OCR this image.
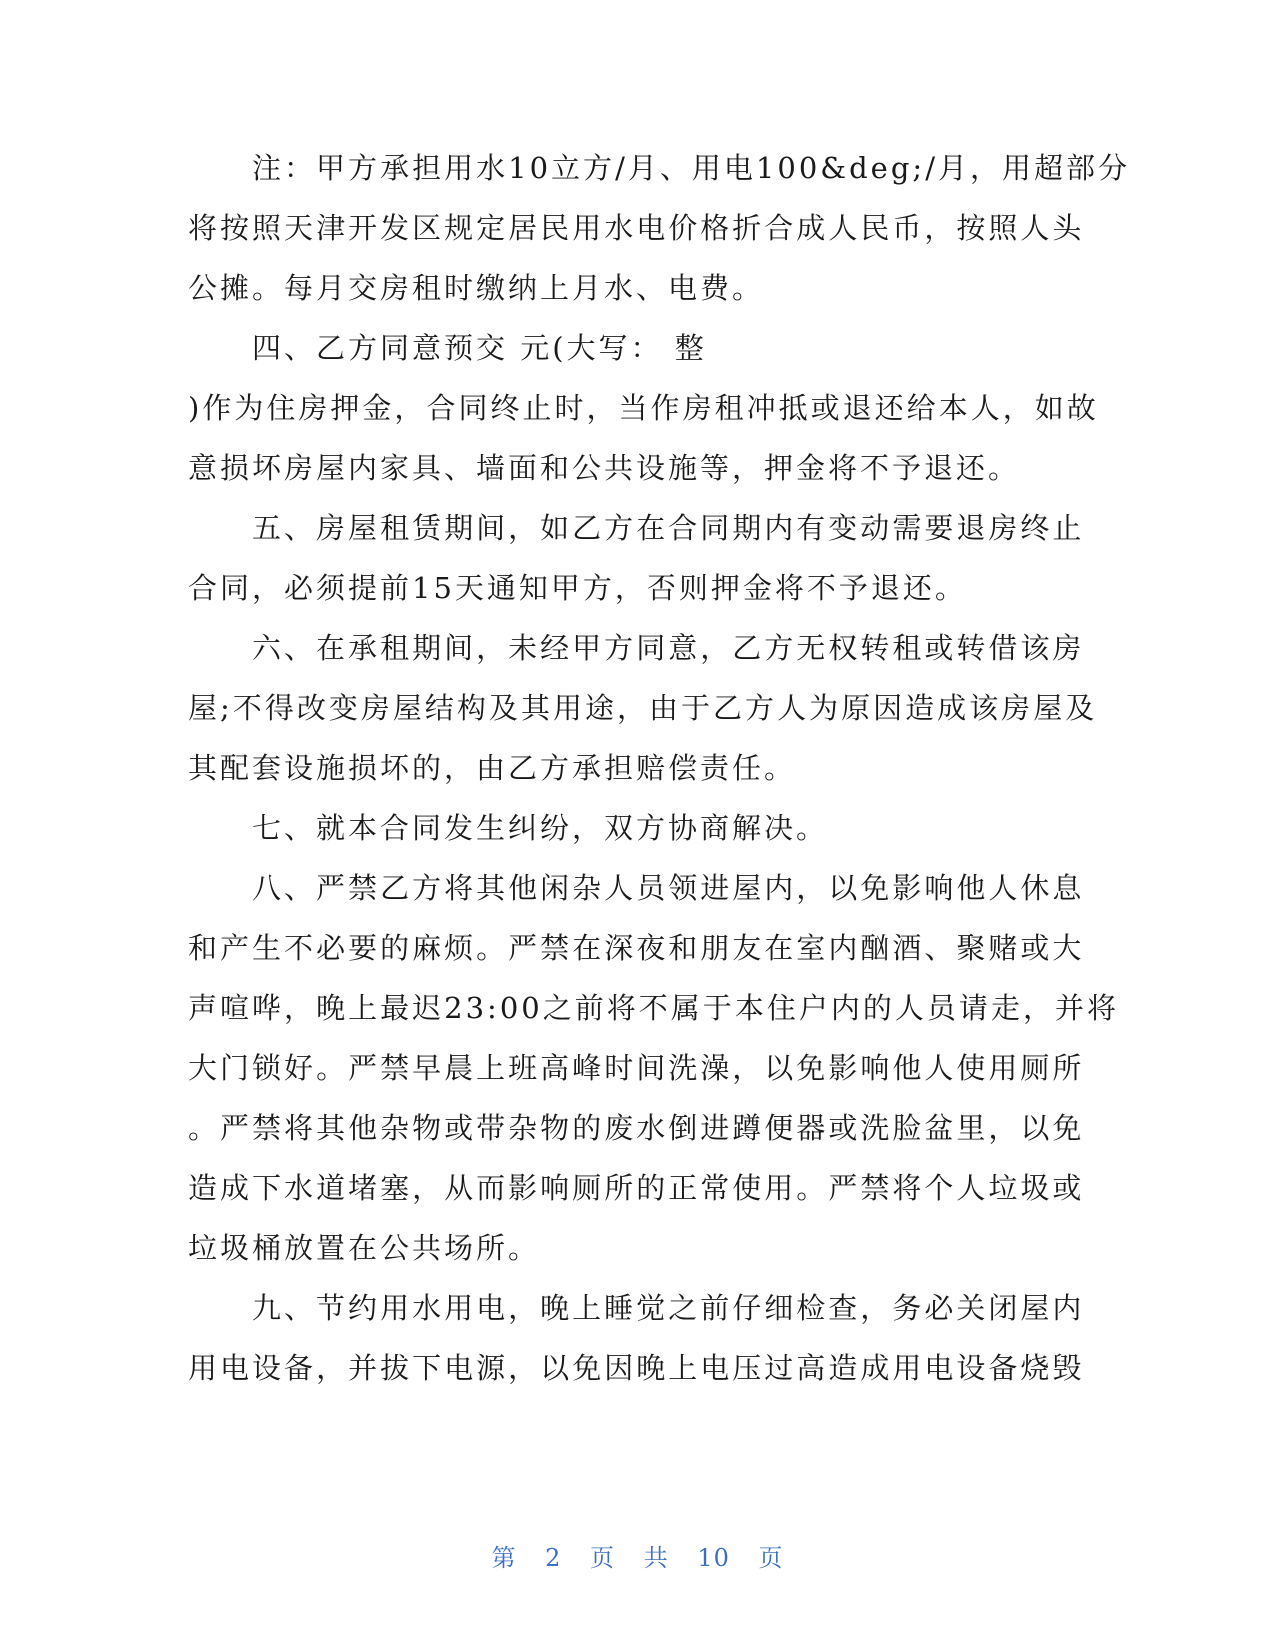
注 ： 甲 方 承 担 用 水 1 0 立 方 / 月 、 用 电 1 0 0 & d e g ; / 月 ， 用 超 部 分
将 按 照 天 津 开 发 区 规 定 居 民 用 水 电 价 格 折 合 成 人 民 币 ， 按 照 人 头
公摊。每月交房租时缴纳上月水、电费。
四、乙方同意预交 元(大写： 整
) 作 为 住 房 押 金 ， 合 同 终 止 时 ， 当 作 房 租 冲 抵 或 退 还 给 本 人 ， 如 故
意损坏房屋内家具、墙面和公共设施等，押金将不予退还。
五 、 房 屋 租 赁 期 间 ， 如 乙 方 在 合 同 期 内 有 变 动 需 要 退 房 终 止
合同，必须提前15天通知甲方，否则押金将不予退还。
六 、 在 承 租 期 间 ， 未 经 甲 方 同 意 ， 乙 方 无 权 转 租 或 转 借 该 房
屋 ; 不 得 改 变 房 屋 结 构 及 其 用 途 ， 由 于 乙 方 人 为 原 因 造 成 该 房 屋 及
其配套设施损坏的，由乙方承担赔偿责任。
七、就本合同发生纠纷，双方协商解决。
八 、 严 禁 乙 方 将 其 他 闲 杂 人 员 领 进 屋 内 ， 以 免 影 响 他 人 休 息
和 产 生 不 必 要 的 麻 烦 。 严 禁 在 深 夜 和 朋 友 在 室 内 酗 酒 、 聚 赌 或 大
声 喧 哗 ， 晚 上 最 迟 2 3 : 0 0 之 前 将 不 属 于 本 住 户 内 的 人 员 请 走 ， 并 将
大 门 锁 好 。 严 禁 早 晨 上 班 高 峰 时 间 洗 澡 ， 以 免 影 响 他 人 使 用 厕 所
。 严 禁 将 其 他 杂 物 或 带 杂 物 的 废 水 倒 进 蹲 便 器 或 洗 脸 盆 里 ， 以 免
造 成 下 水 道 堵 塞 ， 从 而 影 响 厕 所 的 正 常 使 用 。 严 禁 将 个 人 垃 圾 或
垃圾桶放置在公共场所。
九 、 节 约 用 水 用 电 ， 晚 上 睡 觉 之 前 仔 细 检 查 ， 务 必 关 闭 屋 内
用 电 设 备 ， 并 拔 下 电 源 ， 以 免 因 晚 上 电 压 过 高 造 成 用 电 设 备 烧 毁
第 2 页 共 10 页
